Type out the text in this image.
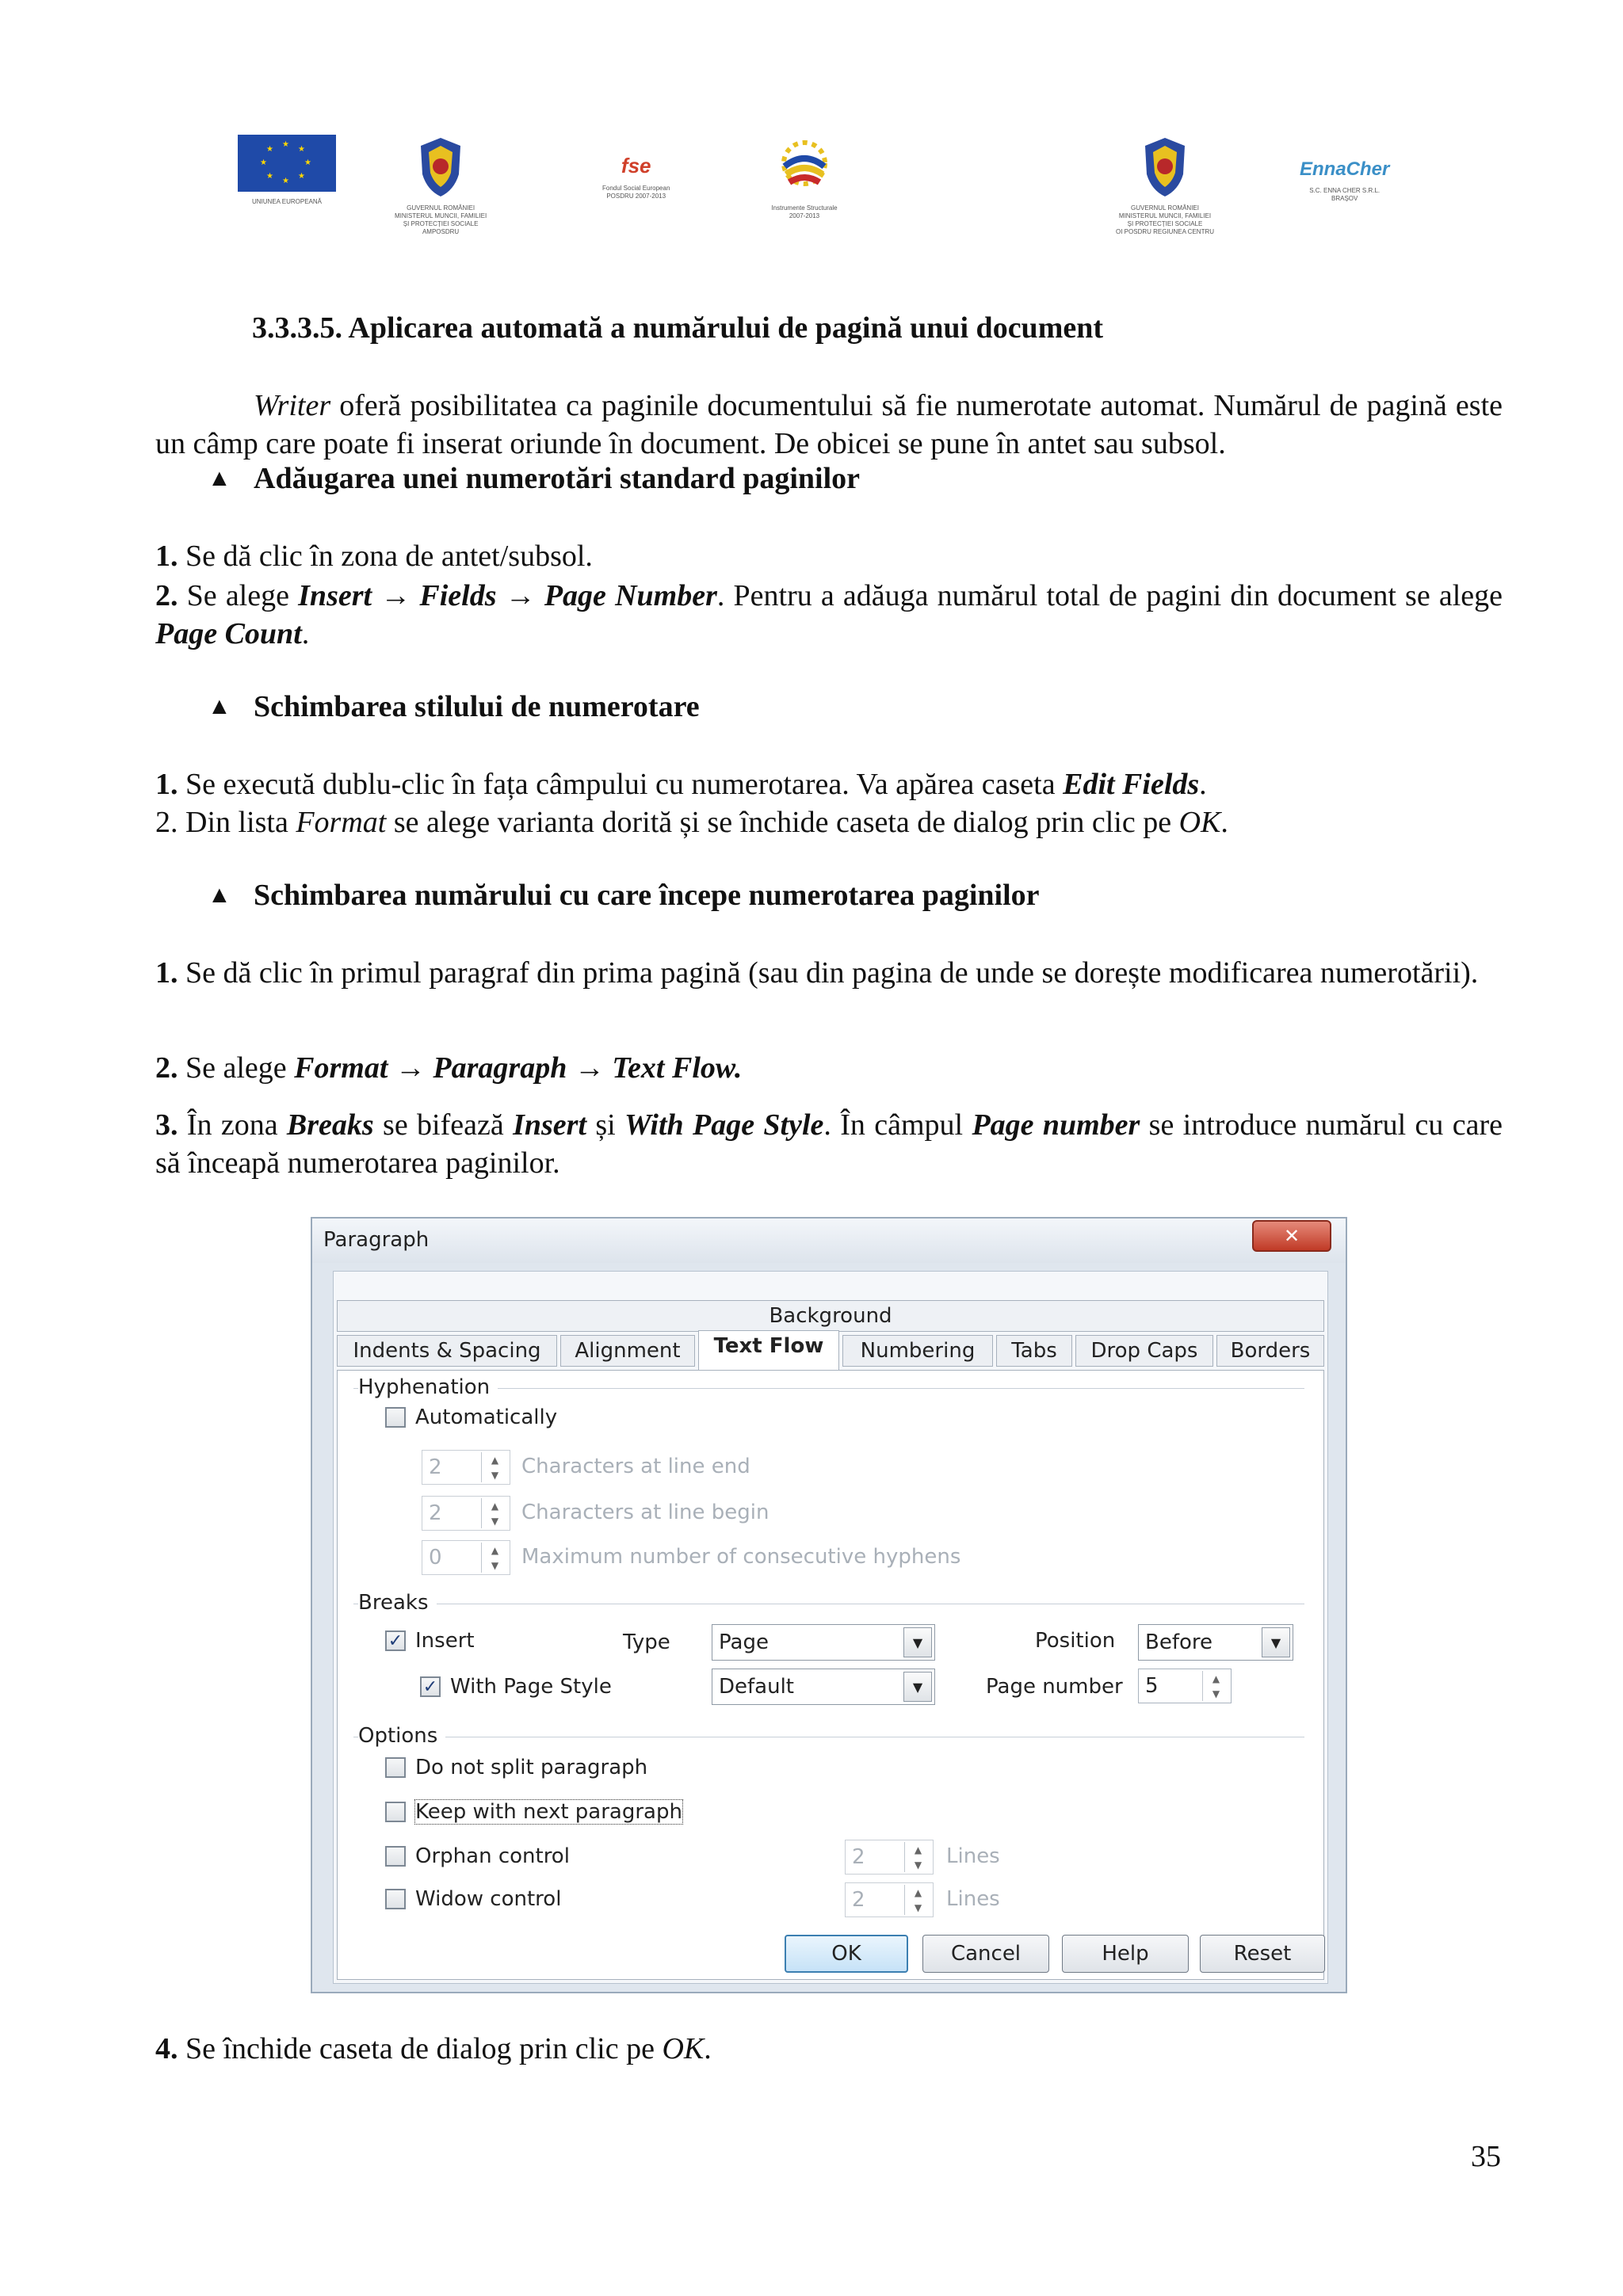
★
★
★
★
★
★
★
★
UNIUNEA EUROPEANĂ
GUVERNUL ROMÂNIEI
MINISTERUL MUNCII, FAMILIEI
ȘI PROTECȚIEI SOCIALE
AMPOSDRU
fse
Fondul Social European
POSDRU 2007-2013
Instrumente Structurale
2007-2013
GUVERNUL ROMÂNIEI
MINISTERUL MUNCII, FAMILIEI
ȘI PROTECȚIEI SOCIALE
OI POSDRU REGIUNEA CENTRU
EnnaCher
S.C. ENNA CHER S.R.L.
BRAȘOV
3.3.3.5. Aplicarea automată a numărului de pagină unui document

Writer oferă posibilitatea ca paginile documentului să fie numerotate automat. Numărul de pagină este un câmp care poate fi inserat oriunde în document. De obicei se pune în antet sau subsol.

▲ Adăugarea unei numerotări standard paginilor

1. Se dă clic în zona de antet/subsol.

2. Se alege Insert → Fields → Page Number. Pentru a adăuga numărul total de pagini din document se alege Page Count.

▲ Schimbarea stilului de numerotare

1. Se execută dublu-clic în fața câmpului cu numerotarea. Va apărea caseta Edit Fields.

2. Din lista Format se alege varianta dorită și se închide caseta de dialog prin clic pe OK.

▲ Schimbarea numărului cu care începe numerotarea paginilor

1. Se dă clic în primul paragraf din prima pagină (sau din pagina de unde se dorește modificarea numerotării).

2. Se alege Format → Paragraph → Text Flow.

3. În zona Breaks se bifează Insert și With Page Style. În câmpul Page number se introduce numărul cu care să înceapă numerotarea paginilor.

Paragraph	✕
Background
Indents & Spacing	Alignment	Text Flow	Numbering	Tabs	Drop Caps	Borders
Hyphenation
Automatically
2	▲
▼ Characters at line end
2	▲
▼ Characters at line begin
0	▲
▼ Maximum number of consecutive hyphens
Breaks
✓ Insert	Type Page	▼	Position Before	▼
✓ With Page Style	Default	▼	Page number 5	▲
▼
Options
Do not split paragraph
Keep with next paragraph
Orphan control	2	▲
▼ Lines
Widow control	2	▲
▼ Lines
OK	Cancel	Help	Reset

4. Se închide caseta de dialog prin clic pe OK.

35
